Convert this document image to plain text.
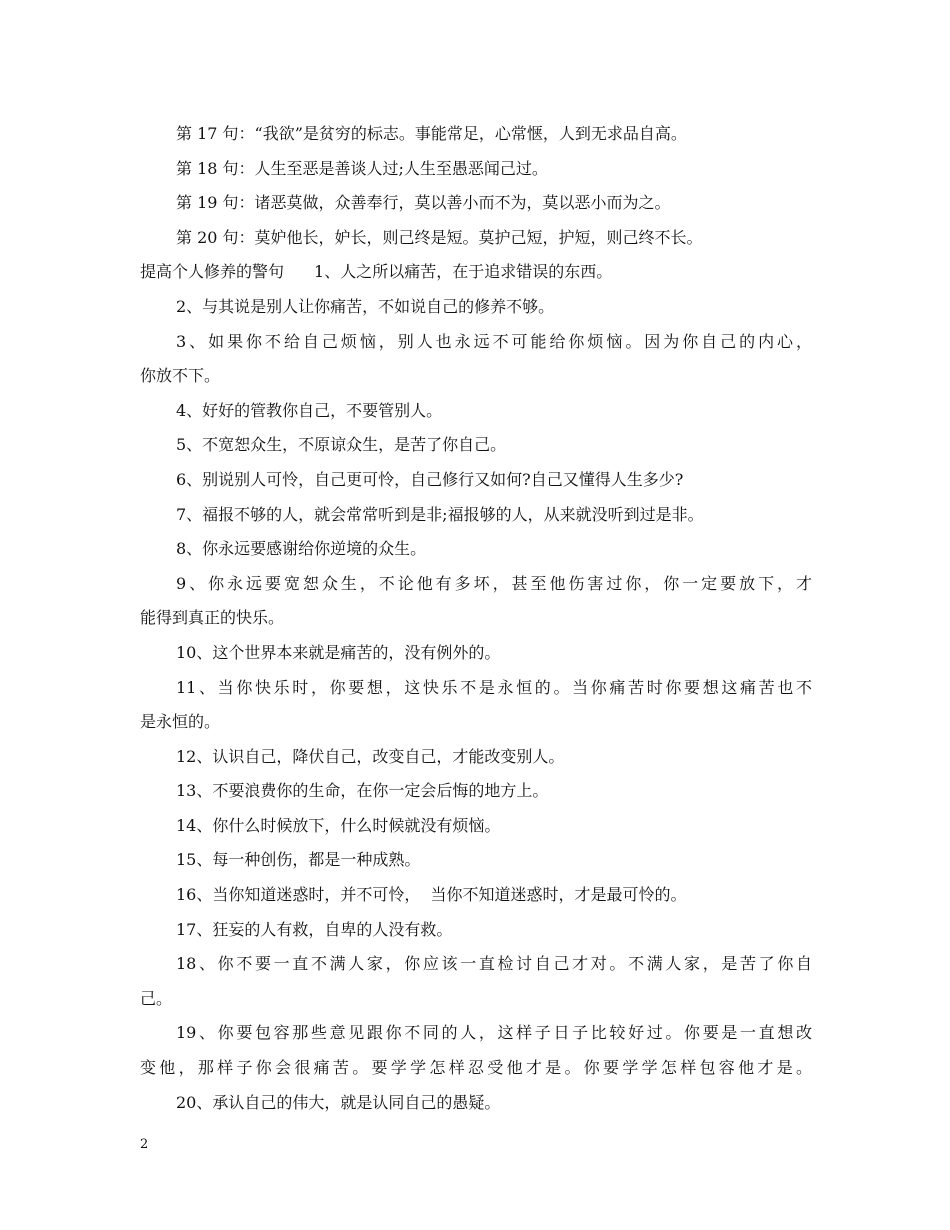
第 17 句：“我欲”是贫穷的标志。事能常足，心常惬，人到无求品自高。
第 18 句：人生至恶是善谈人过;人生至愚恶闻己过。
第 19 句：诸恶莫做，众善奉行，莫以善小而不为，莫以恶小而为之。
第 20 句：莫妒他长，妒长，则己终是短。莫护己短，护短，则己终不长。
提高个人修养的警句 1、人之所以痛苦，在于追求错误的东西。
2、与其说是别人让你痛苦，不如说自己的修养不够。
3、如果你不给自己烦恼，别人也永远不可能给你烦恼。因为你自己的内心，
你放不下。
4、好好的管教你自己，不要管别人。
5、不宽恕众生，不原谅众生，是苦了你自己。
6、别说别人可怜，自己更可怜，自己修行又如何?自己又懂得人生多少?
7、福报不够的人，就会常常听到是非;福报够的人，从来就没听到过是非。
8、你永远要感谢给你逆境的众生。
9、你永远要宽恕众生，不论他有多坏，甚至他伤害过你，你一定要放下，才
能得到真正的快乐。
10、这个世界本来就是痛苦的，没有例外的。
11、当你快乐时，你要想，这快乐不是永恒的。当你痛苦时你要想这痛苦也不
是永恒的。
12、认识自己，降伏自己，改变自己，才能改变别人。
13、不要浪费你的生命，在你一定会后悔的地方上。
14、你什么时候放下，什么时候就没有烦恼。
15、每一种创伤，都是一种成熟。
16、当你知道迷惑时，并不可怜，  当你不知道迷惑时，才是最可怜的。
17、狂妄的人有救，自卑的人没有救。
18、你不要一直不满人家，你应该一直检讨自己才对。不满人家，是苦了你自
己。
19、你要包容那些意见跟你不同的人，这样子日子比较好过。你要是一直想改
变他，那样子你会很痛苦。要学学怎样忍受他才是。你要学学怎样包容他才是。
20、承认自己的伟大，就是认同自己的愚疑。
2
